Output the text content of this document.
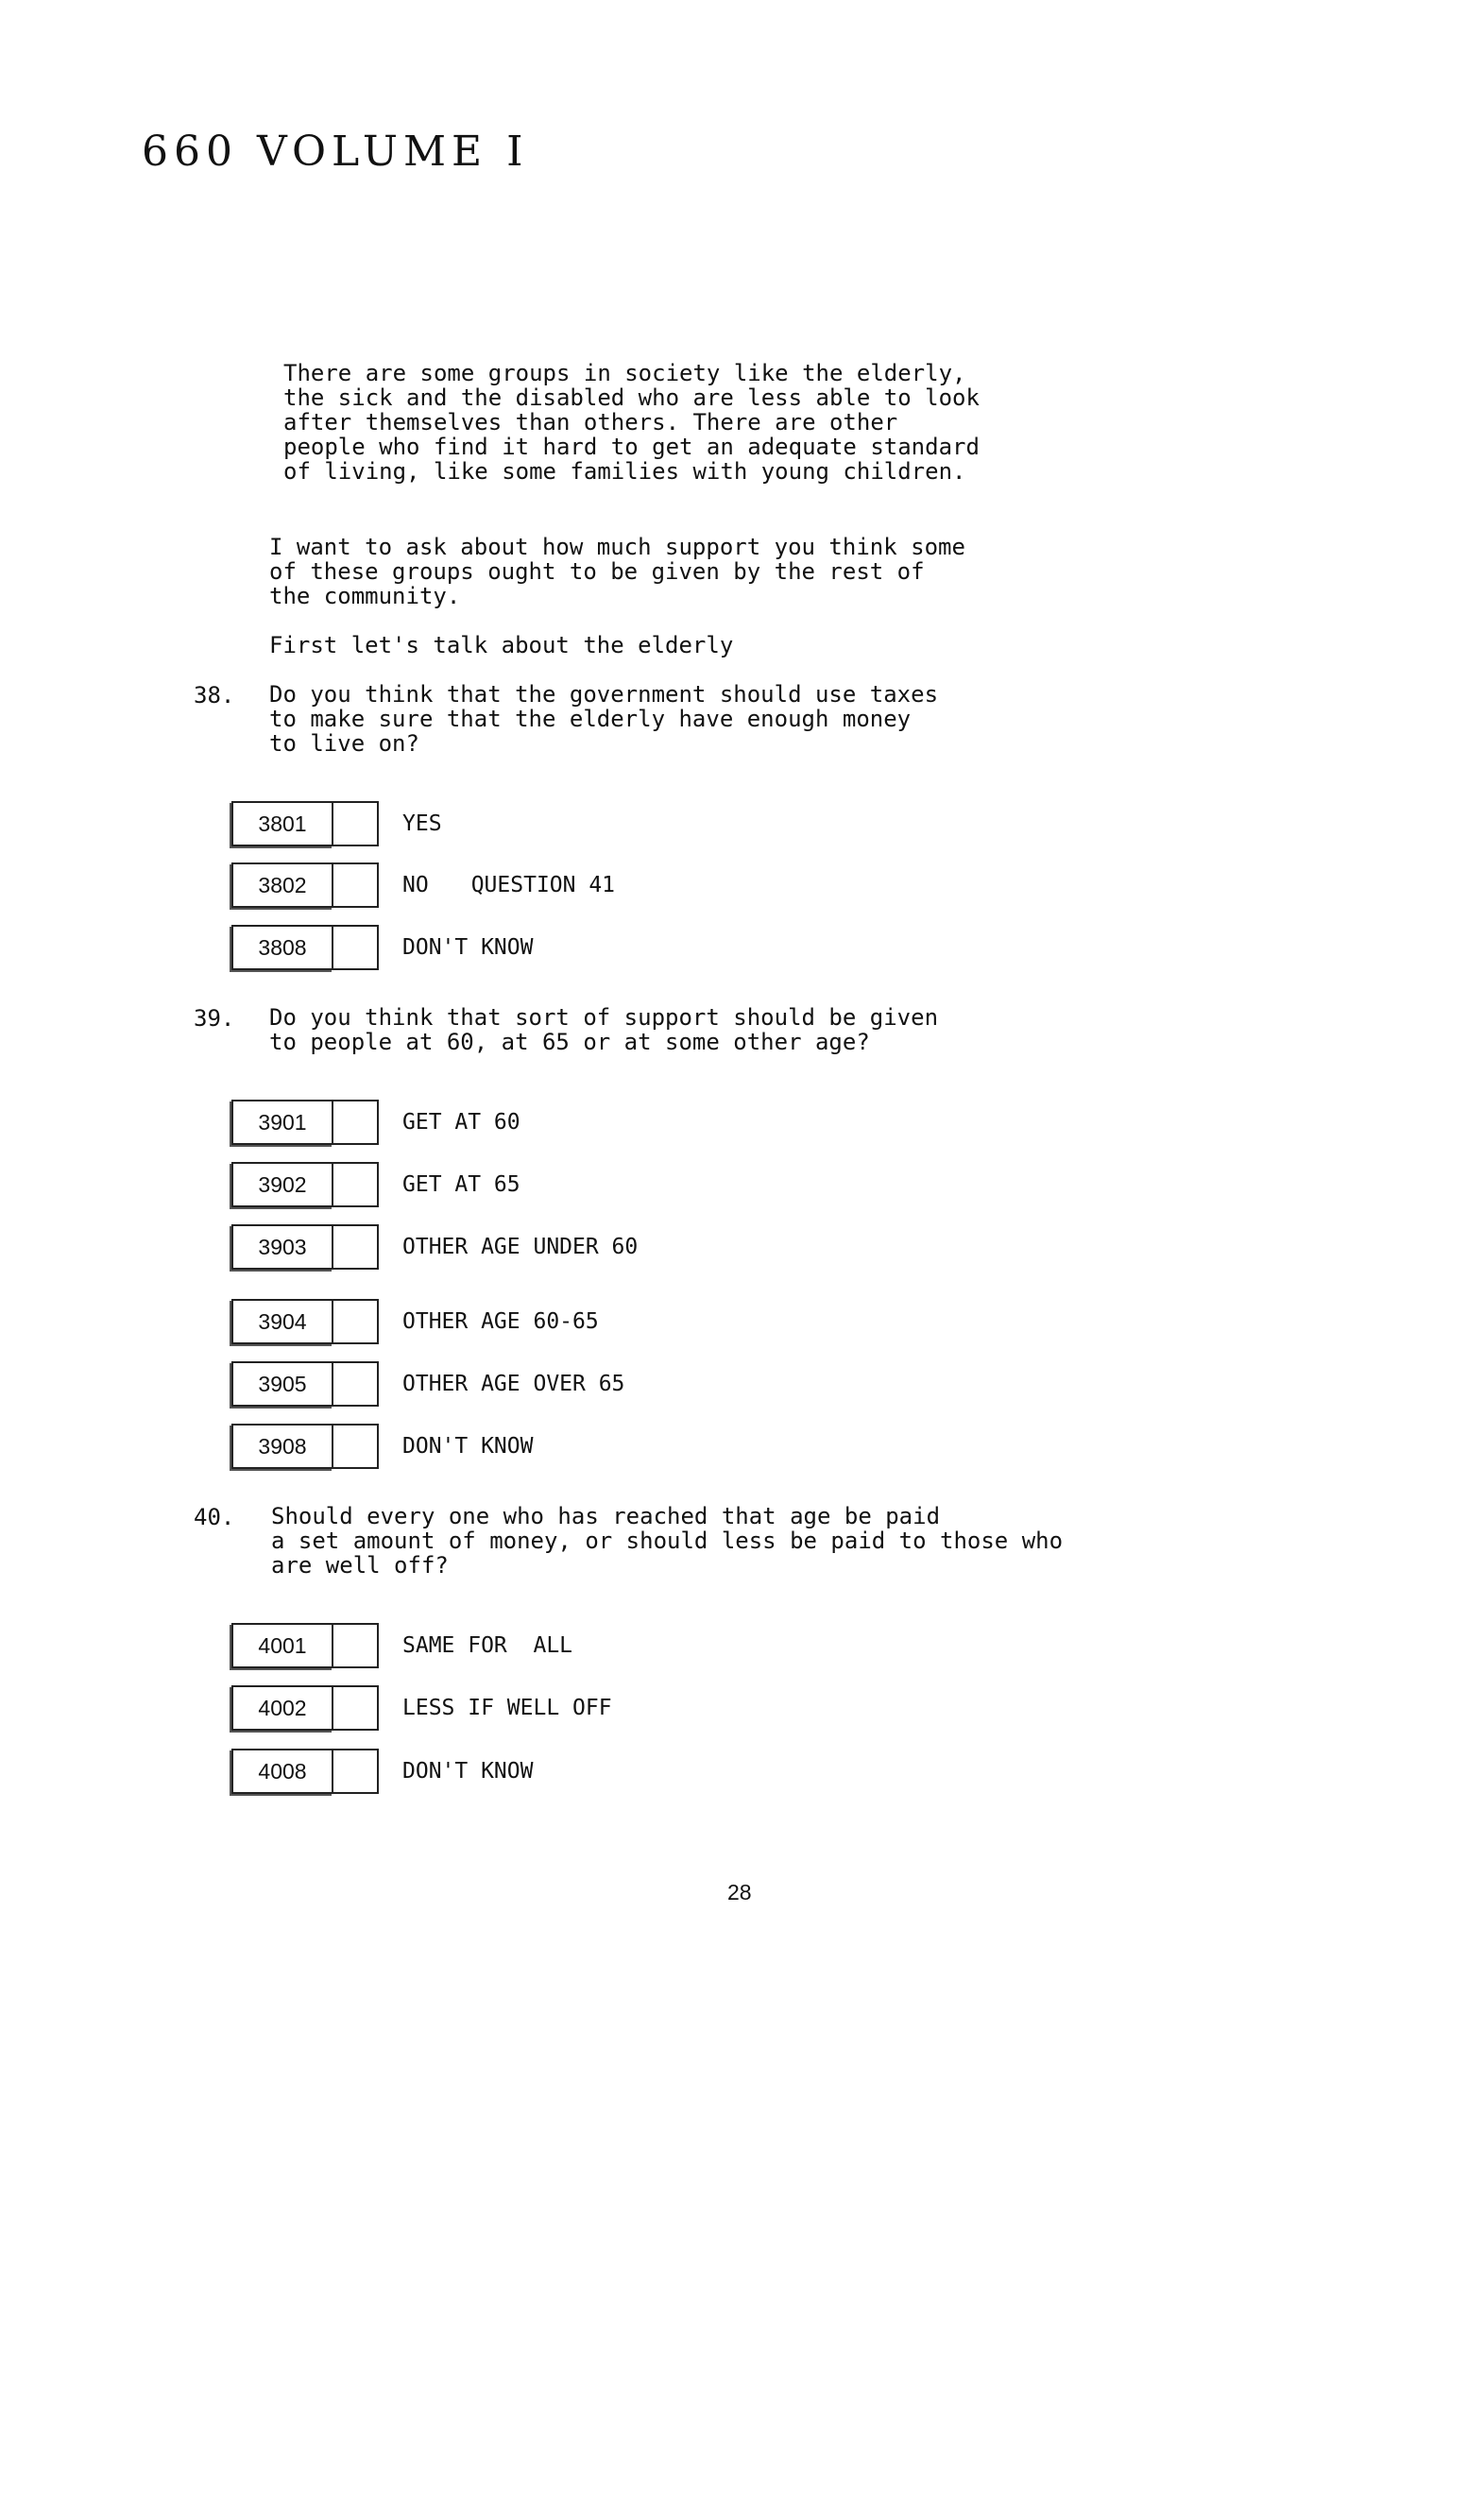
660 VOLUME I
There are some groups in society like the elderly,
the sick and the disabled who are less able to look
after themselves than others. There are other
people who find it hard to get an adequate standard
of living, like some families with young children.
I want to ask about how much support you think some
of these groups ought to be given by the rest of
the community.
First let's talk about the elderly
38. Do you think that the government should use taxes
to make sure that the elderly have enough money
to live on?
3801	YES
3802	NO QUESTION 41
3808	DON'T KNOW
39. Do you think that sort of support should be given
to people at 60, at 65 or at some other age?
3901	GET AT 60
3902	GET AT 65
3903	OTHER AGE UNDER 60
3904	OTHER AGE 60-65
3905	OTHER AGE OVER 65
3908	DON'T KNOW
40. Should every one who has reached that age be paid
a set amount of money, or should less be paid to those who
are well off?
4001	SAME FOR  ALL
4002	LESS IF WELL OFF
4008	DON'T KNOW
28
